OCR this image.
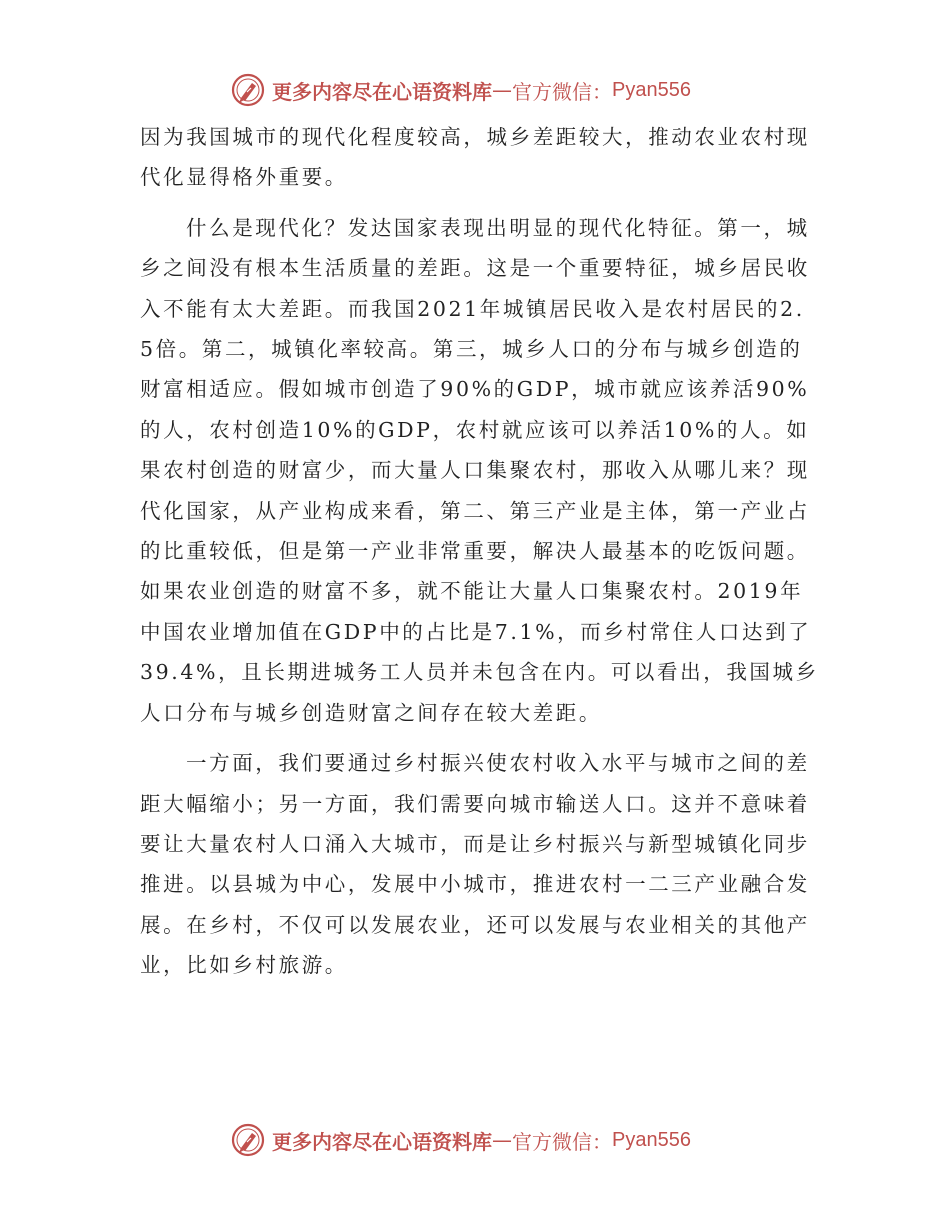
更多内容尽在心语资料库 — 官方微信： Pyan556

因为我国城市的现代化程度较高，城乡差距较大，推动农业农村现代化显得格外重要。

什么是现代化？发达国家表现出明显的现代化特征。第一，城乡之间没有根本生活质量的差距。这是一个重要特征，城乡居民收入不能有太大差距。而我国2021年城镇居民收入是农村居民的2.5倍。第二，城镇化率较高。第三，城乡人口的分布与城乡创造的财富相适应。假如城市创造了90%的GDP，城市就应该养活90%的人，农村创造10%的GDP，农村就应该可以养活10%的人。如果农村创造的财富少，而大量人口集聚农村，那收入从哪儿来？现代化国家，从产业构成来看，第二、第三产业是主体，第一产业占的比重较低，但是第一产业非常重要，解决人最基本的吃饭问题。如果农业创造的财富不多，就不能让大量人口集聚农村。2019年中国农业增加值在GDP中的占比是7.1%，而乡村常住人口达到了39.4%，且长期进城务工人员并未包含在内。可以看出，我国城乡人口分布与城乡创造财富之间存在较大差距。

一方面，我们要通过乡村振兴使农村收入水平与城市之间的差距大幅缩小；另一方面，我们需要向城市输送人口。这并不意味着要让大量农村人口涌入大城市，而是让乡村振兴与新型城镇化同步推进。以县城为中心，发展中小城市，推进农村一二三产业融合发展。在乡村，不仅可以发展农业，还可以发展与农业相关的其他产业，比如乡村旅游。

更多内容尽在心语资料库 — 官方微信： Pyan556
